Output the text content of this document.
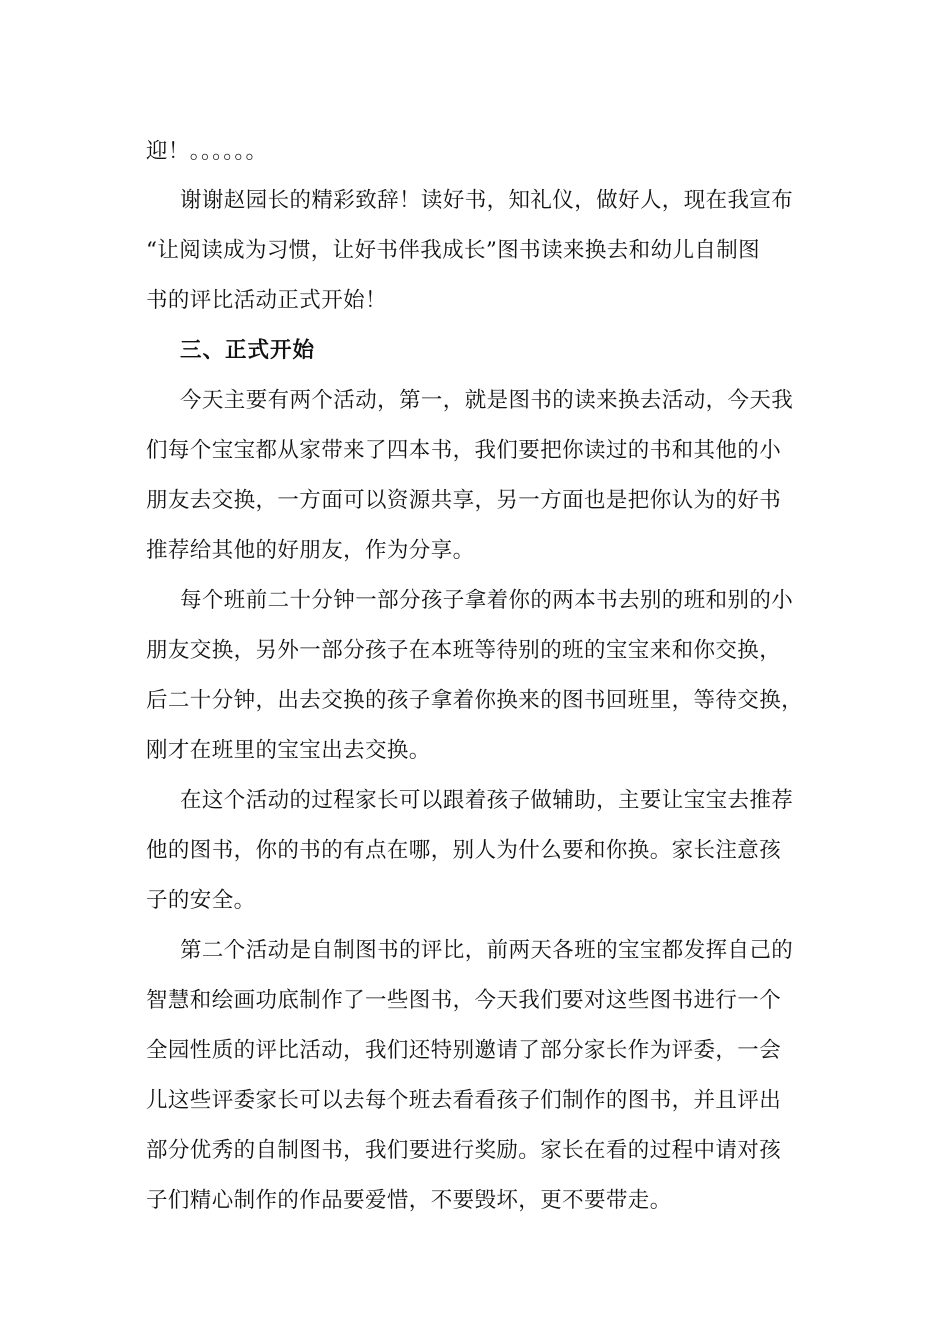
迎！。。。。。。
谢谢赵园长的精彩致辞！读好书，知礼仪，做好人，现在我宣布
“让阅读成为习惯，让好书伴我成长”图书读来换去和幼儿自制图
书的评比活动正式开始！
三、正式开始
今天主要有两个活动，第一，就是图书的读来换去活动，今天我
们每个宝宝都从家带来了四本书，我们要把你读过的书和其他的小
朋友去交换，一方面可以资源共享，另一方面也是把你认为的好书
推荐给其他的好朋友，作为分享。
每个班前二十分钟一部分孩子拿着你的两本书去别的班和别的小
朋友交换，另外一部分孩子在本班等待别的班的宝宝来和你交换，
后二十分钟，出去交换的孩子拿着你换来的图书回班里，等待交换，
刚才在班里的宝宝出去交换。
在这个活动的过程家长可以跟着孩子做辅助，主要让宝宝去推荐
他的图书，你的书的有点在哪，别人为什么要和你换。家长注意孩
子的安全。
第二个活动是自制图书的评比，前两天各班的宝宝都发挥自己的
智慧和绘画功底制作了一些图书，今天我们要对这些图书进行一个
全园性质的评比活动，我们还特别邀请了部分家长作为评委，一会
儿这些评委家长可以去每个班去看看孩子们制作的图书，并且评出
部分优秀的自制图书，我们要进行奖励。家长在看的过程中请对孩
子们精心制作的作品要爱惜，不要毁坏，更不要带走。
